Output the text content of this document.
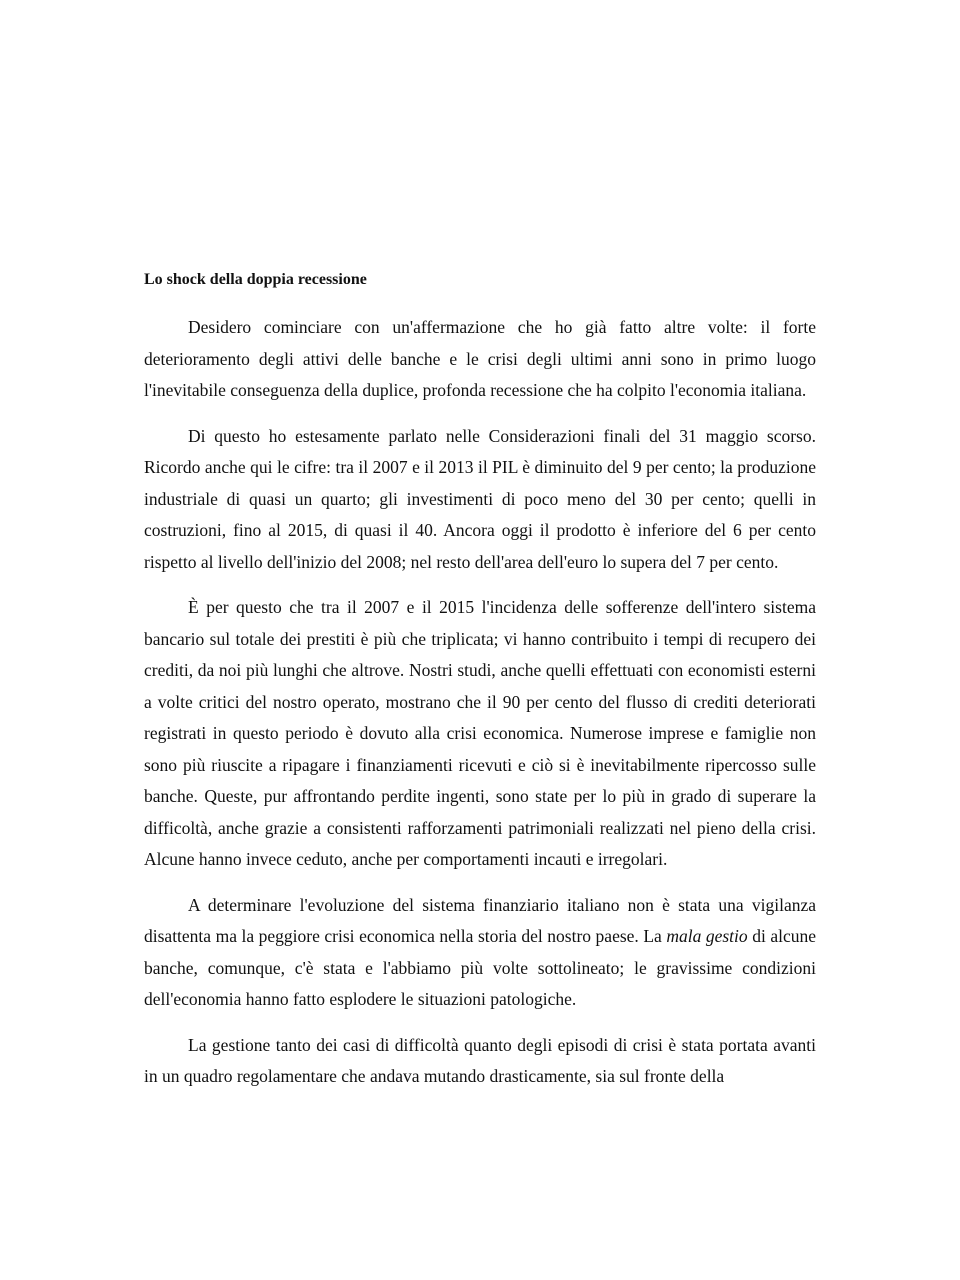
Lo shock della doppia recessione

Desidero cominciare con un'affermazione che ho già fatto altre volte: il forte deterioramento degli attivi delle banche e le crisi degli ultimi anni sono in primo luogo l'inevitabile conseguenza della duplice, profonda recessione che ha colpito l'economia italiana.

Di questo ho estesamente parlato nelle Considerazioni finali del 31 maggio scorso. Ricordo anche qui le cifre: tra il 2007 e il 2013 il PIL è diminuito del 9 per cento; la produzione industriale di quasi un quarto; gli investimenti di poco meno del 30 per cento; quelli in costruzioni, fino al 2015, di quasi il 40. Ancora oggi il prodotto è inferiore del 6 per cento rispetto al livello dell'inizio del 2008; nel resto dell'area dell'euro lo supera del 7 per cento.

È per questo che tra il 2007 e il 2015 l'incidenza delle sofferenze dell'intero sistema bancario sul totale dei prestiti è più che triplicata; vi hanno contribuito i tempi di recupero dei crediti, da noi più lunghi che altrove. Nostri studi, anche quelli effettuati con economisti esterni a volte critici del nostro operato, mostrano che il 90 per cento del flusso di crediti deteriorati registrati in questo periodo è dovuto alla crisi economica. Numerose imprese e famiglie non sono più riuscite a ripagare i finanziamenti ricevuti e ciò si è inevitabilmente ripercosso sulle banche. Queste, pur affrontando perdite ingenti, sono state per lo più in grado di superare la difficoltà, anche grazie a consistenti rafforzamenti patrimoniali realizzati nel pieno della crisi. Alcune hanno invece ceduto, anche per comportamenti incauti e irregolari.

A determinare l'evoluzione del sistema finanziario italiano non è stata una vigilanza disattenta ma la peggiore crisi economica nella storia del nostro paese. La mala gestio di alcune banche, comunque, c'è stata e l'abbiamo più volte sottolineato; le gravissime condizioni dell'economia hanno fatto esplodere le situazioni patologiche.

La gestione tanto dei casi di difficoltà quanto degli episodi di crisi è stata portata avanti in un quadro regolamentare che andava mutando drasticamente, sia sul fronte della
